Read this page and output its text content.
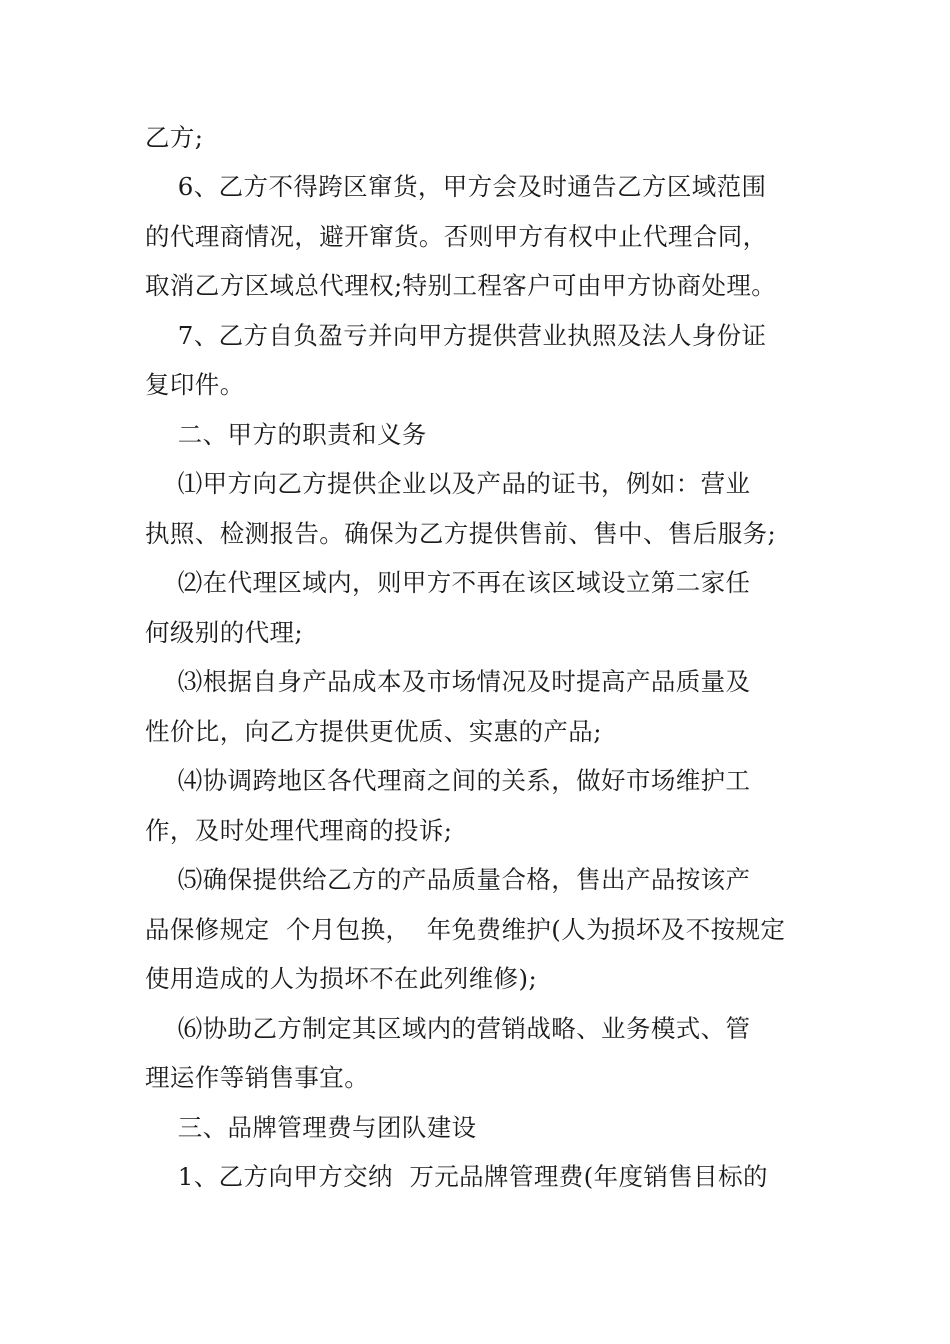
乙方;
6、乙方不得跨区窜货，甲方会及时通告乙方区域范围
的代理商情况，避开窜货。否则甲方有权中止代理合同，
取消乙方区域总代理权;特别工程客户可由甲方协商处理。
7、乙方自负盈亏并向甲方提供营业执照及法人身份证
复印件。
二、甲方的职责和义务
⑴甲方向乙方提供企业以及产品的证书，例如：营业
执照、检测报告。确保为乙方提供售前、售中、售后服务;
⑵在代理区域内，则甲方不再在该区域设立第二家任
何级别的代理;
⑶根据自身产品成本及市场情况及时提高产品质量及
性价比，向乙方提供更优质、实惠的产品;
⑷协调跨地区各代理商之间的关系，做好市场维护工
作，及时处理代理商的投诉;
⑸确保提供给乙方的产品质量合格，售出产品按该产
品保修规定  个月包换，  年免费维护(人为损坏及不按规定
使用造成的人为损坏不在此列维修);
⑹协助乙方制定其区域内的营销战略、业务模式、管
理运作等销售事宜。
三、品牌管理费与团队建设
1、乙方向甲方交纳  万元品牌管理费(年度销售目标的
